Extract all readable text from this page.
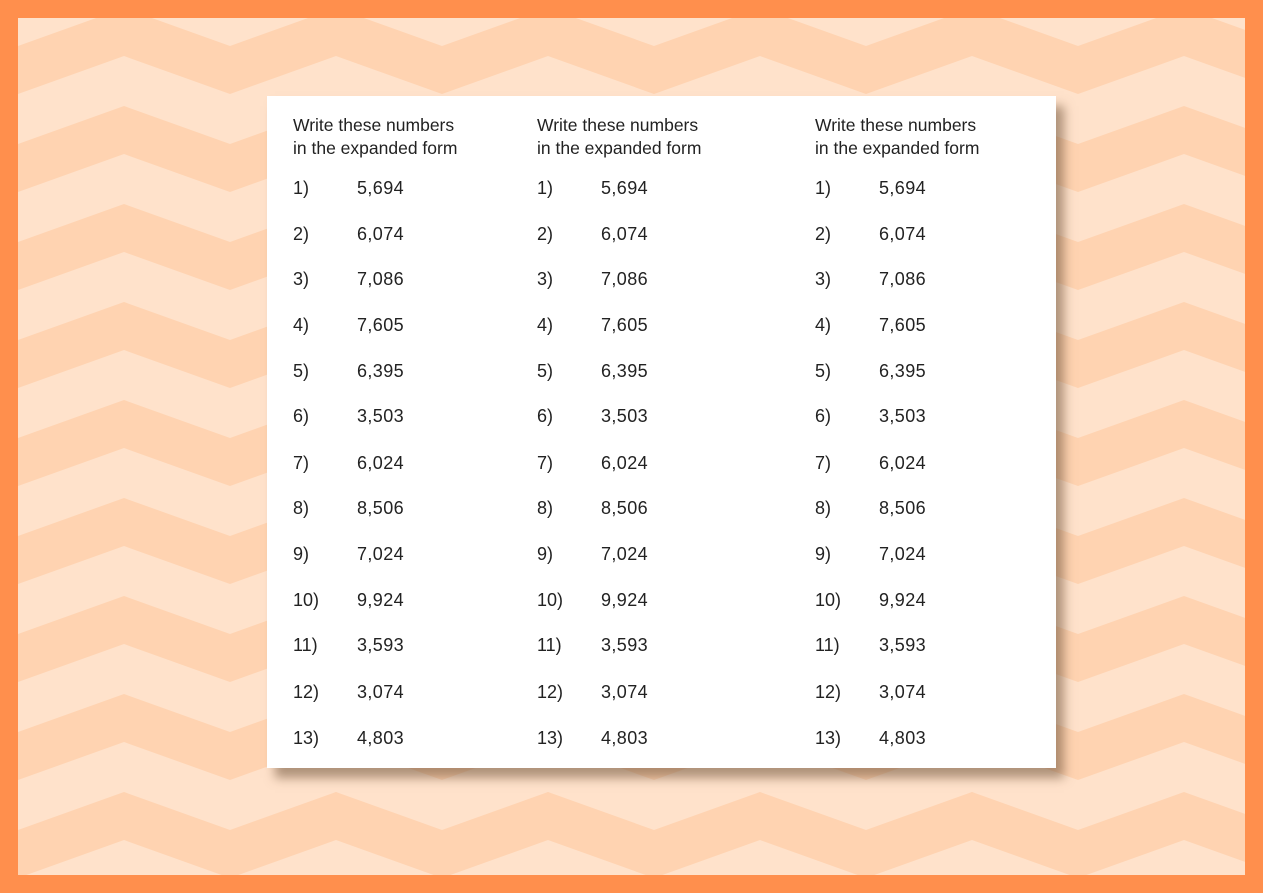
Write these numbers
in the expanded form
1)	5,694
2)	6,074
3)	7,086
4)	7,605
5)	6,395
6)	3,503
7)	6,024
8)	8,506
9)	7,024
10) 9,924
11) 3,593
12) 3,074
13) 4,803
Write these numbers
in the expanded form
1)	5,694
2)	6,074
3)	7,086
4)	7,605
5)	6,395
6)	3,503
7)	6,024
8)	8,506
9)	7,024
10) 9,924
11) 3,593
12) 3,074
13) 4,803
Write these numbers
in the expanded form
1)	5,694
2)	6,074
3)	7,086
4)	7,605
5)	6,395
6)	3,503
7)	6,024
8)	8,506
9)	7,024
10) 9,924
11) 3,593
12) 3,074
13) 4,803
